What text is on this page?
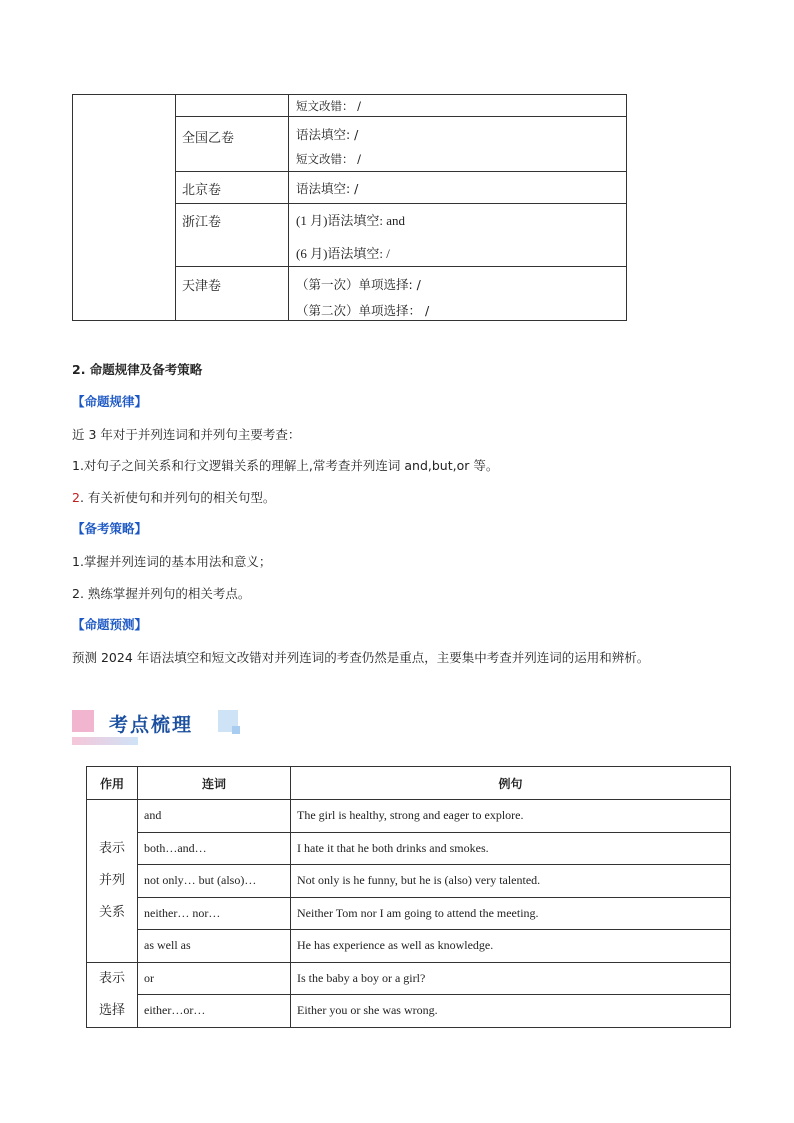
		短文改错： /

	全国乙卷	语法填空: /
短文改错： /

	北京卷	语法填空: /

	浙江卷	(1 月)语法填空: and
(6 月)语法填空: /

	天津卷	（第一次）单项选择: /
（第二次）单项选择： /
2. 命题规律及备考策略
【命题规律】
近 3 年对于并列连词和并列句主要考查：
1.对句子之间关系和行文逻辑关系的理解上,常考查并列连词 and,but,or 等。
2. 有关祈使句和并列句的相关句型。
【备考策略】
1.掌握并列连词的基本用法和意义；
2. 熟练掌握并列句的相关考点。
【命题预测】
预测 2024 年语法填空和短文改错对并列连词的考查仍然是重点，主要集中考查并列连词的运用和辨析。
考点梳理
作用	连词	例句

表示
并列
关系	and	The girl is healthy, strong and eager to explore.
	both…and…	I hate it that he both drinks and smokes.
	not only… but (also)…	Not only is he funny, but he is (also) very talented.
	neither… nor…	Neither Tom nor I am going to attend the meeting.
	as well as	He has experience as well as knowledge.

表示
选择	or	Is the baby a boy or a girl?
	either…or…	Either you or she was wrong.
